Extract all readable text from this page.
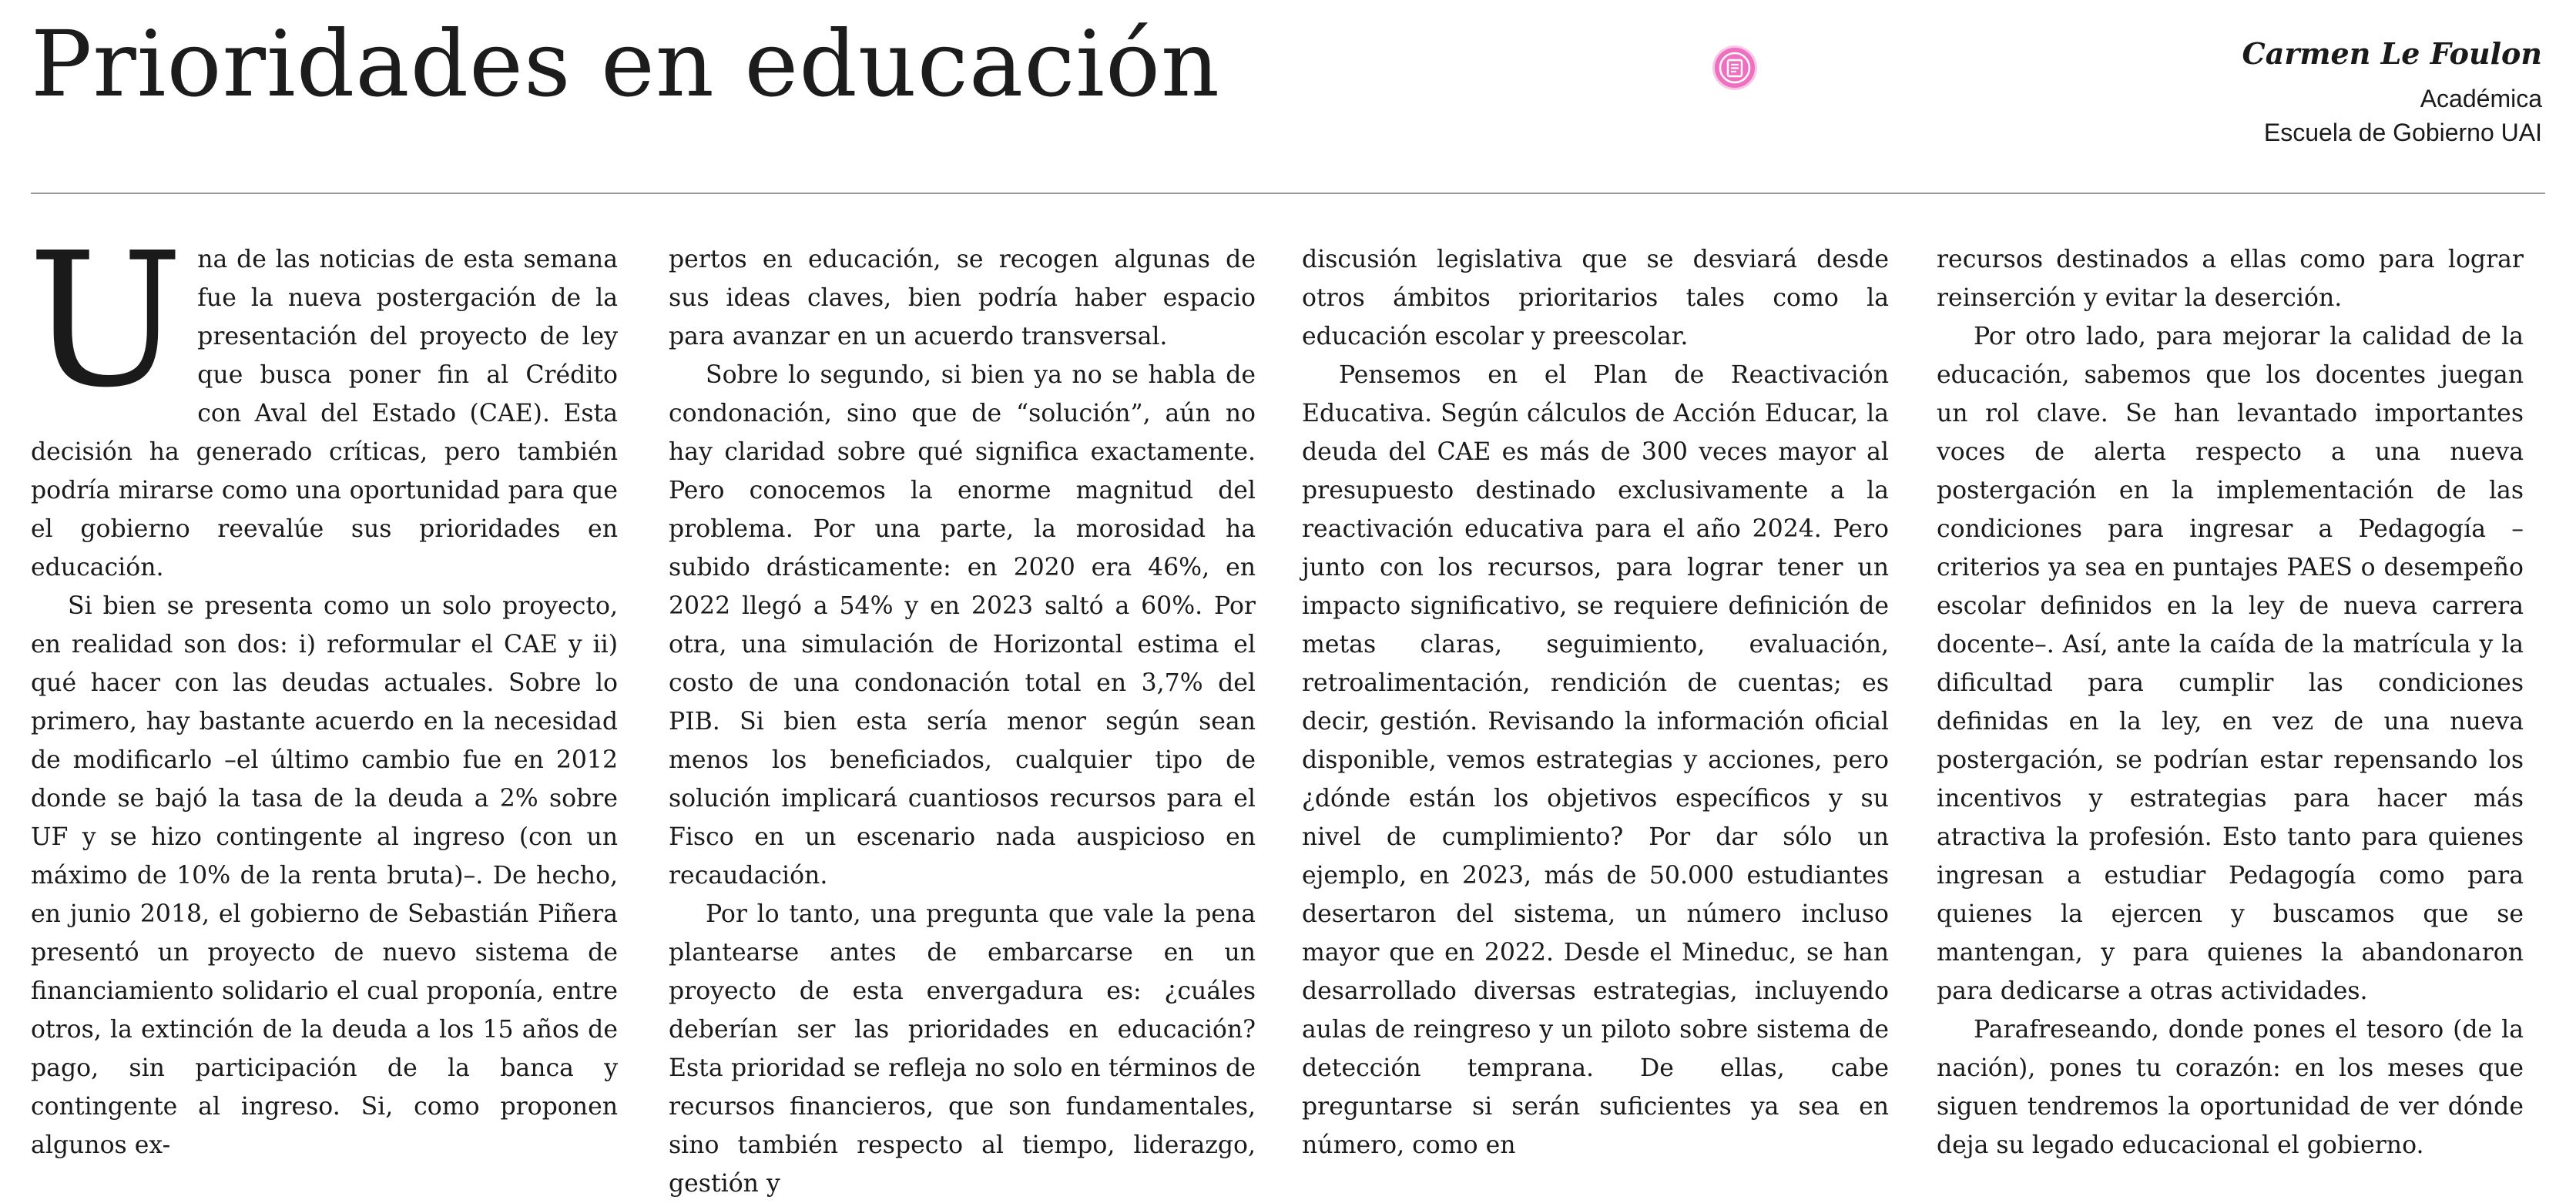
Prioridades en educación	Carmen Le Foulon
Académica
Escuela de Gobierno UAI

Una de las noticias de esta semana fue la nueva postergación de la presentación del proyecto de ley que busca poner fin al Crédito con Aval del Estado (CAE). Esta decisión ha generado críticas, pero también podría mirarse como una oportunidad para que el gobierno reevalúe sus prioridades en educación.

Si bien se presenta como un solo proyecto, en realidad son dos: i) reformular el CAE y ii) qué hacer con las deudas actuales. Sobre lo primero, hay bastante acuerdo en la necesidad de modificarlo –el último cambio fue en 2012 donde se bajó la tasa de la deuda a 2% sobre UF y se hizo contingente al ingreso (con un máximo de 10% de la renta bruta)–. De hecho, en junio 2018, el gobierno de Sebastián Piñera presentó un proyecto de nuevo sistema de financiamiento solidario el cual proponía, entre otros, la extinción de la deuda a los 15 años de pago, sin participación de la banca y contingente al ingreso. Si, como proponen algunos ex-

pertos en educación, se recogen algunas de sus ideas claves, bien podría haber espacio para avanzar en un acuerdo transversal.

Sobre lo segundo, si bien ya no se habla de condonación, sino que de “solución”, aún no hay claridad sobre qué significa exactamente. Pero conocemos la enorme magnitud del problema. Por una parte, la morosidad ha subido drásticamente: en 2020 era 46%, en 2022 llegó a 54% y en 2023 saltó a 60%. Por otra, una simulación de Horizontal estima el costo de una condonación total en 3,7% del PIB. Si bien esta sería menor según sean menos los beneficiados, cualquier tipo de solución implicará cuantiosos recursos para el Fisco en un escenario nada auspicioso en recaudación.

Por lo tanto, una pregunta que vale la pena plantearse antes de embarcarse en un proyecto de esta envergadura es: ¿cuáles deberían ser las prioridades en educación? Esta prioridad se refleja no solo en términos de recursos financieros, que son fundamentales, sino también respecto al tiempo, liderazgo, gestión y

discusión legislativa que se desviará desde otros ámbitos prioritarios tales como la educación escolar y preescolar.

Pensemos en el Plan de Reactivación Educativa. Según cálculos de Acción Educar, la deuda del CAE es más de 300 veces mayor al presupuesto destinado exclusivamente a la reactivación educativa para el año 2024. Pero junto con los recursos, para lograr tener un impacto significativo, se requiere definición de metas claras, seguimiento, evaluación, retroalimentación, rendición de cuentas; es decir, gestión. Revisando la información oficial disponible, vemos estrategias y acciones, pero ¿dónde están los objetivos específicos y su nivel de cumplimiento? Por dar sólo un ejemplo, en 2023, más de 50.000 estudiantes desertaron del sistema, un número incluso mayor que en 2022. Desde el Mineduc, se han desarrollado diversas estrategias, incluyendo aulas de reingreso y un piloto sobre sistema de detección temprana. De ellas, cabe preguntarse si serán suficientes ya sea en número, como en

recursos destinados a ellas como para lograr reinserción y evitar la deserción.

Por otro lado, para mejorar la calidad de la educación, sabemos que los docentes juegan un rol clave. Se han levantado importantes voces de alerta respecto a una nueva postergación en la implementación de las condiciones para ingresar a Pedagogía –criterios ya sea en puntajes PAES o desempeño escolar definidos en la ley de nueva carrera docente–. Así, ante la caída de la matrícula y la dificultad para cumplir las condiciones definidas en la ley, en vez de una nueva postergación, se podrían estar repensando los incentivos y estrategias para hacer más atractiva la profesión. Esto tanto para quienes ingresan a estudiar Pedagogía como para quienes la ejercen y buscamos que se mantengan, y para quienes la abandonaron para dedicarse a otras actividades.

Parafreseando, donde pones el tesoro (de la nación), pones tu corazón: en los meses que siguen tendremos la oportunidad de ver dónde deja su legado educacional el gobierno.
